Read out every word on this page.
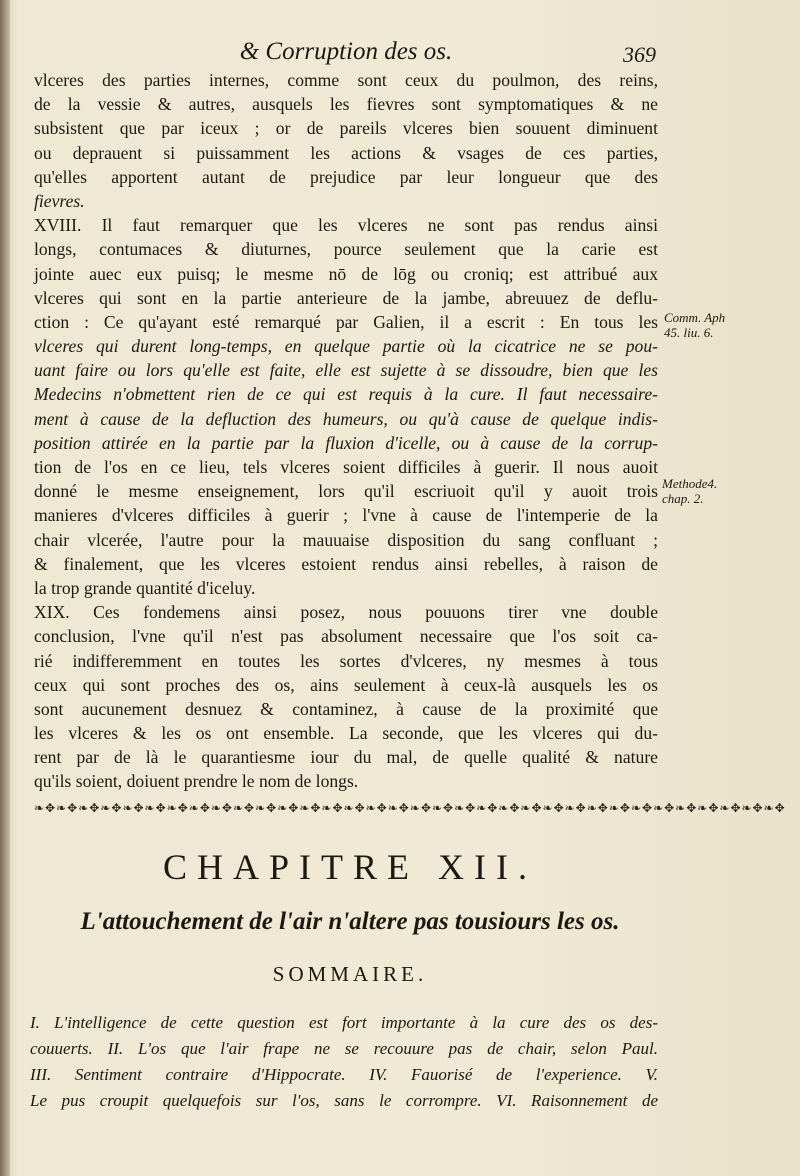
& Corruption des os.	369
vlceres des parties internes, comme sont ceux du poulmon, des reins,
de la vessie & autres, ausquels les fievres sont symptomatiques & ne
subsistent que par iceux ; or de pareils vlceres bien souuent diminuent
ou deprauent si puissamment les actions & vsages de ces parties,
qu'elles apportent autant de prejudice par leur longueur que des
fievres.
XVIII. Il faut remarquer que les vlceres ne sont pas rendus ainsi
longs, contumaces & diuturnes, pource seulement que la carie est
jointe auec eux puisq; le mesme nō de lōg ou croniq; est attribué aux
vlceres qui sont en la partie anterieure de la jambe, abreuuez de deflu-
ction : Ce qu'ayant esté remarqué par Galien, il a escrit : En tous les
vlceres qui durent long-temps, en quelque partie où la cicatrice ne se pou-
uant faire ou lors qu'elle est faite, elle est sujette à se dissoudre, bien que les
Medecins n'obmettent rien de ce qui est requis à la cure. Il faut necessaire-
ment à cause de la defluction des humeurs, ou qu'à cause de quelque indis-
position attirée en la partie par la fluxion d'icelle, ou à cause de la corrup-
tion de l'os en ce lieu, tels vlceres soient difficiles à guerir. Il nous auoit
donné le mesme enseignement, lors qu'il escriuoit qu'il y auoit trois
manieres d'vlceres difficiles à guerir ; l'vne à cause de l'intemperie de la
chair vlcerée, l'autre pour la mauuaise disposition du sang confluant ;
& finalement, que les vlceres estoient rendus ainsi rebelles, à raison de
la trop grande quantité d'iceluy.
XIX. Ces fondemens ainsi posez, nous pouuons tirer vne double
conclusion, l'vne qu'il n'est pas absolument necessaire que l'os soit ca-
rié indifferemment en toutes les sortes d'vlceres, ny mesmes à tous
ceux qui sont proches des os, ains seulement à ceux-là ausquels les os
sont aucunement desnuez & contaminez, à cause de la proximité que
les vlceres & les os ont ensemble. La seconde, que les vlceres qui du-
rent par de là le quarantiesme iour du mal, de quelle qualité & nature
qu'ils soient, doiuent prendre le nom de longs.
Comm. Aph
45. liu. 6.
Methode4.
chap. 2.
❧✥❧✥❧✥❧✥❧✥❧✥❧✥❧✥❧✥❧✥❧✥❧✥❧✥❧✥❧✥❧✥❧✥❧✥❧✥❧✥❧✥❧✥❧✥❧✥❧✥❧✥❧✥❧✥❧✥❧✥❧✥❧✥❧✥❧✥
CHAPITRE XII.
L'attouchement de l'air n'altere pas tousiours les os.
SOMMAIRE.
I. L'intelligence de cette question est fort importante à la cure des os des-
couuerts. II. L'os que l'air frape ne se recouure pas de chair, selon Paul.
III. Sentiment contraire d'Hippocrate. IV. Fauorisé de l'experience. V.
Le pus croupit quelquefois sur l'os, sans le corrompre. VI. Raisonnement de
